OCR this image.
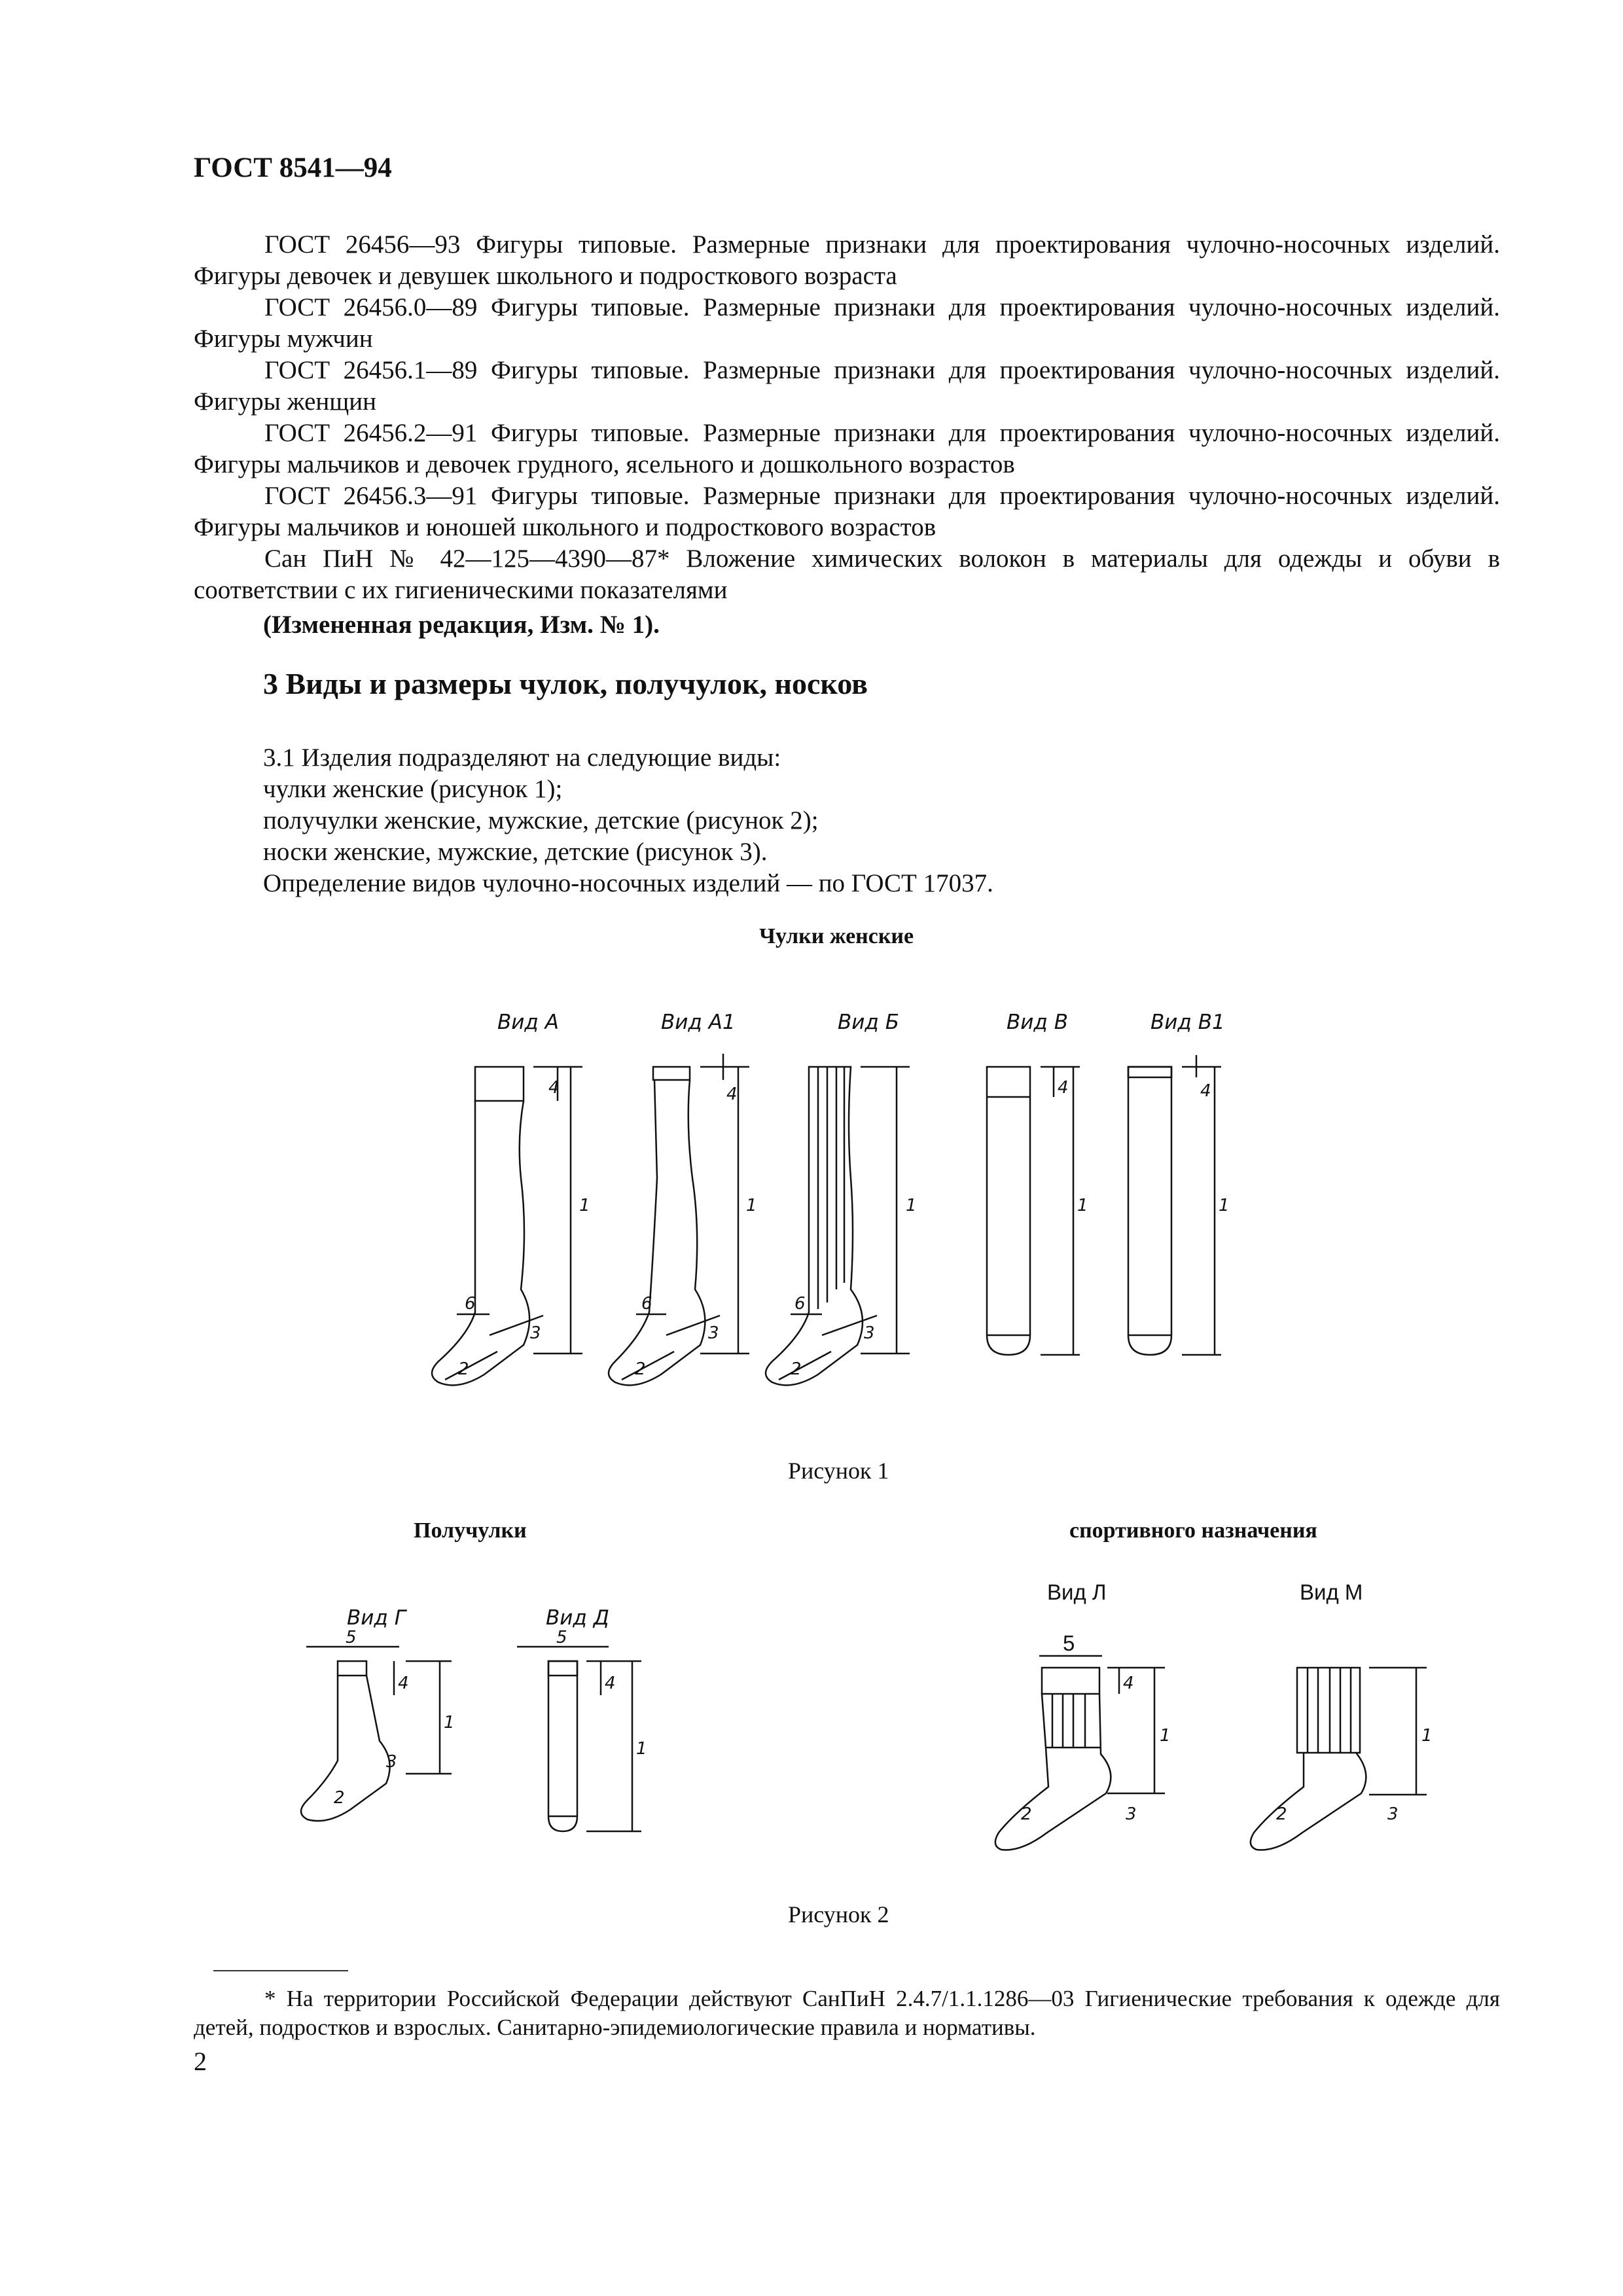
ГОСТ 8541—94
ГОСТ 26456—93 Фигуры типовые. Размерные признаки для проектирования чулочно-носочных изделий. Фигуры девочек и девушек школьного и подросткового возраста
ГОСТ 26456.0—89 Фигуры типовые. Размерные признаки для проектирования чулочно-носочных изделий. Фигуры мужчин
ГОСТ 26456.1—89 Фигуры типовые. Размерные признаки для проектирования чулочно-носочных изделий. Фигуры женщин
ГОСТ 26456.2—91 Фигуры типовые. Размерные признаки для проектирования чулочно-носочных изделий. Фигуры мальчиков и девочек грудного, ясельного и дошкольного возрастов
ГОСТ 26456.3—91 Фигуры типовые. Размерные признаки для проектирования чулочно-носочных изделий. Фигуры мальчиков и юношей школьного и подросткового возрастов
Сан ПиН № 42—125—4390—87* Вложение химических волокон в материалы для одежды и обуви в соответствии с их гигиеническими показателями
(Измененная редакция, Изм. № 1).
3 Виды и размеры чулок, получулок, носков
3.1 Изделия подразделяют на следующие виды:
чулки женские (рисунок 1);
получулки женские, мужские, детские (рисунок 2);
носки женские, мужские, детские (рисунок 3).
Определение видов чулочно-носочных изделий — по ГОСТ 17037.
Чулки женские
Вид А	Вид А1	Вид Б	Вид В	Вид В1
4
1
2
3
6
4
1
2
3
6
1
2
3
6
4
1
4
1
Рисунок 1
Получулки	спортивного назначения
Вид Г	Вид Д
Вид Л	Вид М
5
4
1
2
3
5
4
1
5
4
1
2	3
1
2	3
Рисунок 2
* На территории Российской Федерации действуют СанПиН 2.4.7/1.1.1286—03 Гигиенические требования к одежде для детей, подростков и взрослых. Санитарно-эпидемиологические правила и нормативы.
2
